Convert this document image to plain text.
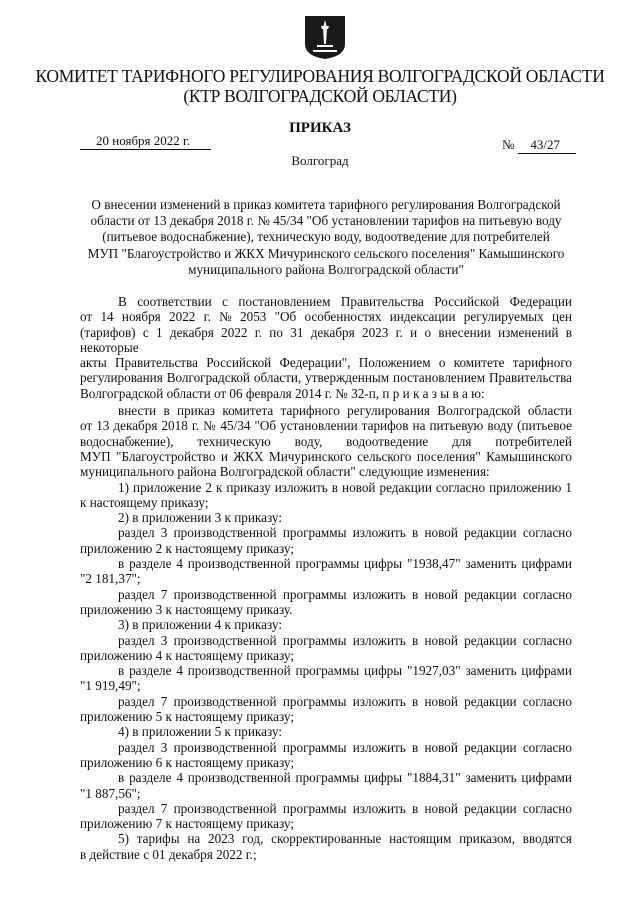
КОМИТЕТ ТАРИФНОГО РЕГУЛИРОВАНИЯ ВОЛГОГРАДСКОЙ ОБЛАСТИ
(КТР ВОЛГОГРАДСКОЙ ОБЛАСТИ)
ПРИКАЗ
20 ноября 2022 г.	№	43/27
Волгоград
О внесении изменений в приказ комитета тарифного регулирования Волгоградской
области от 13 декабря 2018 г. № 45/34 "Об установлении тарифов на питьевую воду
(питьевое водоснабжение), техническую воду, водоотведение для потребителей
МУП "Благоустройство и ЖКХ Мичуринского сельского поселения" Камышинского
муниципального района Волгоградской области"
В соответствии с постановлением Правительства Российской Федерации
от 14 ноября 2022 г. № 2053 "Об особенностях индексации регулируемых цен
(тарифов) с 1 декабря 2022 г. по 31 декабря 2023 г. и о внесении изменений в некоторые
акты Правительства Российской Федерации", Положением о комитете тарифного
регулирования Волгоградской области, утвержденным постановлением Правительства
Волгоградской области от 06 февраля 2014 г. № 32-п, п р и к а з ы в а ю:
внести в приказ комитета тарифного регулирования Волгоградской области
от 13 декабря 2018 г. № 45/34 "Об установлении тарифов на питьевую воду (питьевое
водоснабжение), техническую воду, водоотведение для потребителей
МУП "Благоустройство и ЖКХ Мичуринского сельского поселения" Камышинского
муниципального района Волгоградской области" следующие изменения:
1) приложение 2 к приказу изложить в новой редакции согласно приложению 1
к настоящему приказу;
2) в приложении 3 к приказу:
раздел 3 производственной программы изложить в новой редакции согласно
приложению 2 к настоящему приказу;
в разделе 4 производственной программы цифры "1938,47" заменить цифрами
"2 181,37";
раздел 7 производственной программы изложить в новой редакции согласно
приложению 3 к настоящему приказу.
3) в приложении 4 к приказу:
раздел 3 производственной программы изложить в новой редакции согласно
приложению 4 к настоящему приказу;
в разделе 4 производственной программы цифры "1927,03" заменить цифрами
"1 919,49";
раздел 7 производственной программы изложить в новой редакции согласно
приложению 5 к настоящему приказу;
4) в приложении 5 к приказу:
раздел 3 производственной программы изложить в новой редакции согласно
приложению 6 к настоящему приказу;
в разделе 4 производственной программы цифры "1884,31" заменить цифрами
"1 887,56";
раздел 7 производственной программы изложить в новой редакции согласно
приложению 7 к настоящему приказу;
5) тарифы на 2023 год, скорректированные настоящим приказом, вводятся
в действие с 01 декабря 2022 г.;
